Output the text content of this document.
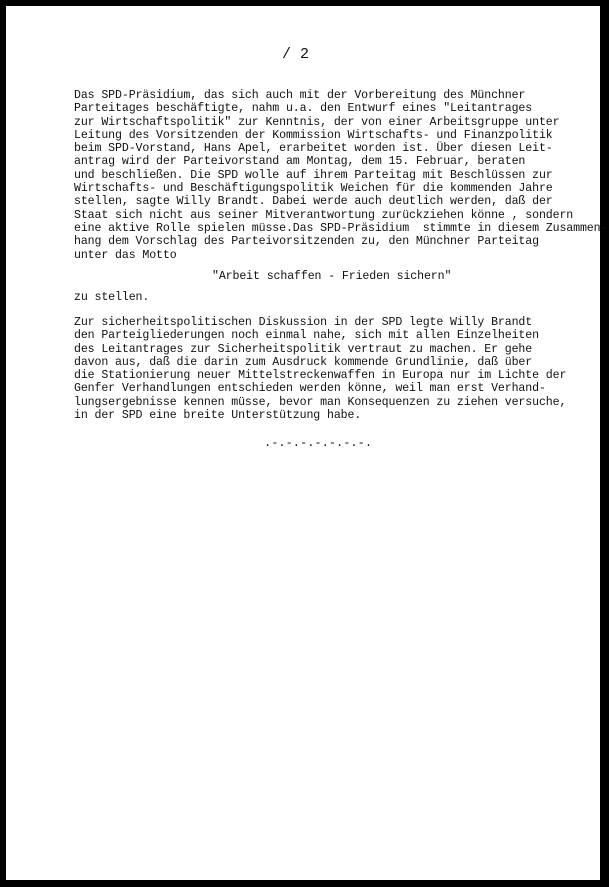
/ 2
Das SPD-Präsidium, das sich auch mit der Vorbereitung des Münchner
Parteitages beschäftigte, nahm u.a. den Entwurf eines "Leitantrages
zur Wirtschaftspolitik" zur Kenntnis, der von einer Arbeitsgruppe unter
Leitung des Vorsitzenden der Kommission Wirtschafts- und Finanzpolitik
beim SPD-Vorstand, Hans Apel, erarbeitet worden ist. Über diesen Leit-
antrag wird der Parteivorstand am Montag, dem 15. Februar, beraten
und beschließen. Die SPD wolle auf ihrem Parteitag mit Beschlüssen zur
Wirtschafts- und Beschäftigungspolitik Weichen für die kommenden Jahre
stellen, sagte Willy Brandt. Dabei werde auch deutlich werden, daß der
Staat sich nicht aus seiner Mitverantwortung zurückziehen könne , sondern
eine aktive Rolle spielen müsse.Das SPD-Präsidium  stimmte in diesem Zusammen-
hang dem Vorschlag des Parteivorsitzenden zu, den Münchner Parteitag
unter das Motto
"Arbeit schaffen - Frieden sichern"
zu stellen.
Zur sicherheitspolitischen Diskussion in der SPD legte Willy Brandt
den Parteigliederungen noch einmal nahe, sich mit allen Einzelheiten
des Leitantrages zur Sicherheitspolitik vertraut zu machen. Er gehe
davon aus, daß die darin zum Ausdruck kommende Grundlinie, daß über
die Stationierung neuer Mittelstreckenwaffen in Europa nur im Lichte der
Genfer Verhandlungen entschieden werden könne, weil man erst Verhand-
lungsergebnisse kennen müsse, bevor man Konsequenzen zu ziehen versuche,
in der SPD eine breite Unterstützung habe.
.-.-.-.-.-.-.-.
